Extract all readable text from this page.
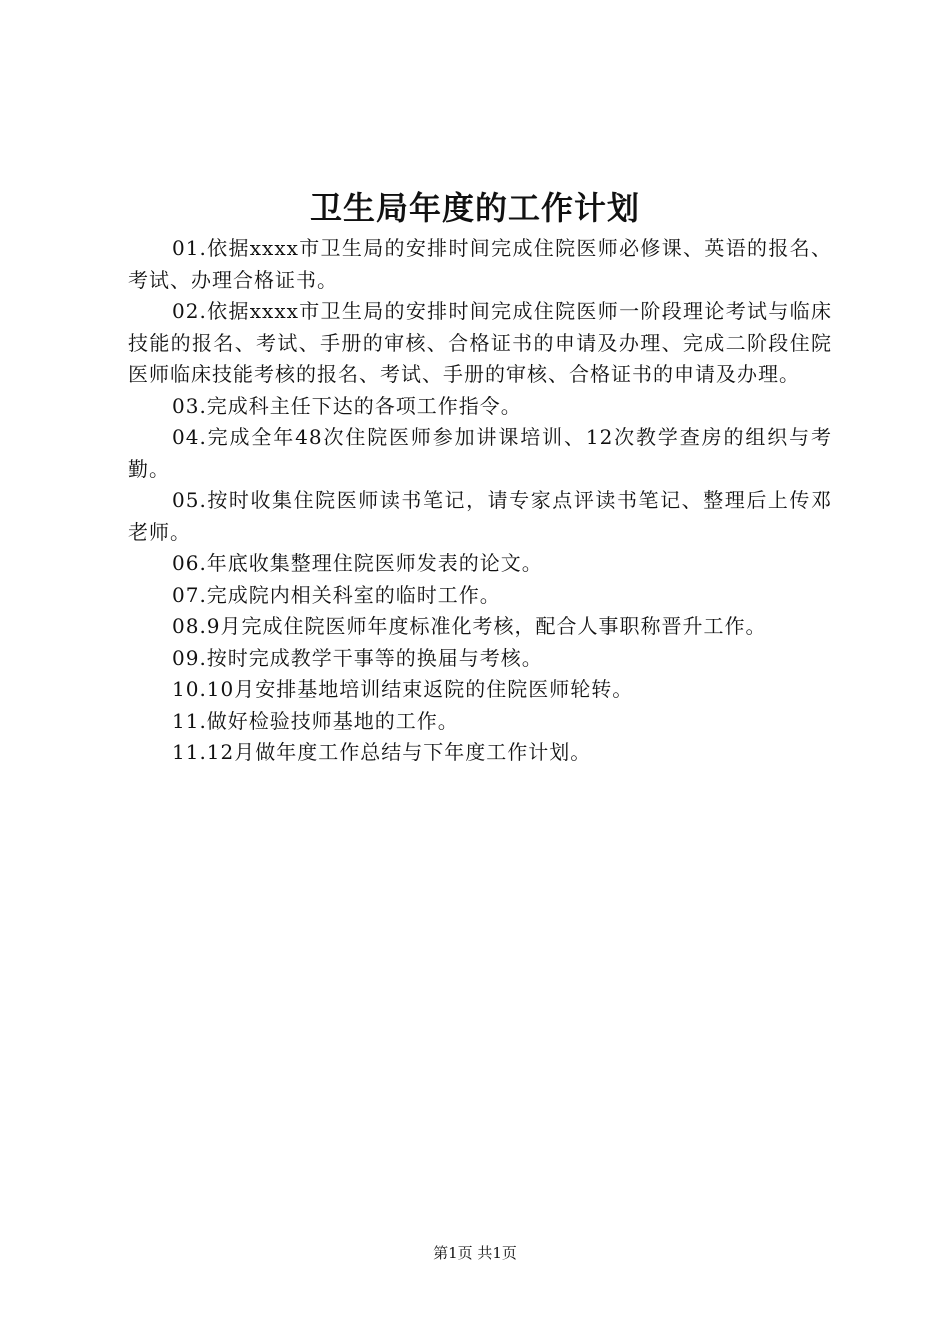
卫生局年度的工作计划

01.依据xxxx市卫生局的安排时间完成住院医师必修课、英语的报名、考试、办理合格证书。

02.依据xxxx市卫生局的安排时间完成住院医师一阶段理论考试与临床技能的报名、考试、手册的审核、合格证书的申请及办理、完成二阶段住院医师临床技能考核的报名、考试、手册的审核、合格证书的申请及办理。

03.完成科主任下达的各项工作指令。

04.完成全年48次住院医师参加讲课培训、12次教学查房的组织与考勤。

05.按时收集住院医师读书笔记，请专家点评读书笔记、整理后上传邓老师。

06.年底收集整理住院医师发表的论文。

07.完成院内相关科室的临时工作。

08.9月完成住院医师年度标准化考核，配合人事职称晋升工作。

09.按时完成教学干事等的换届与考核。

10.10月安排基地培训结束返院的住院医师轮转。

11.做好检验技师基地的工作。

11.12月做年度工作总结与下年度工作计划。

第1页 共1页
